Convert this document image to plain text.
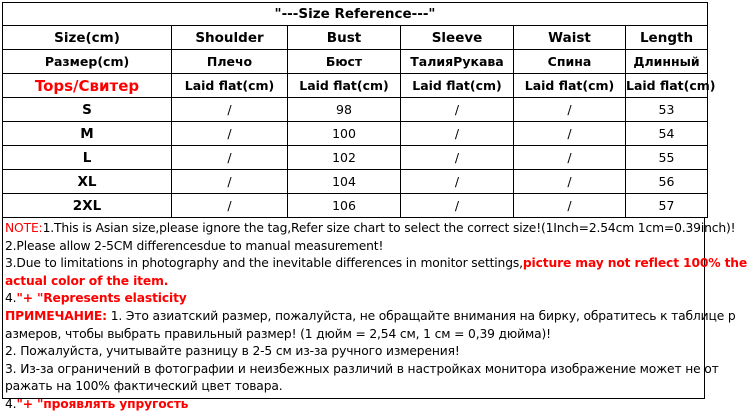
"---Size Reference---"					
Size(cm)	Shoulder	Bust	Sleeve	Waist	Length
Размер(cm)	Плечо	Бюст	ТалияРукава	Спина	Длинный
Tops/Свитер	Laid flat(cm)	Laid flat(cm)	Laid flat(cm)	Laid flat(cm)	Laid flat(cm)
S	/	98	/	/	53
M	/	100	/	/	54
L	/	102	/	/	55
XL	/	104	/	/	56
2XL	/	106	/	/	57

NOTE:1.This is Asian size,please ignore the tag,Refer size chart to select the correct size!(1Inch=2.54cm 1cm=0.39inch)!

2.Please allow 2-5CM differencesdue to manual measurement!

3.Due to limitations in photography and the inevitable differences in monitor settings,picture may not reflect 100% the

actual color of the item.

4."+ "Represents elasticity

ПРИМЕЧАНИЕ: 1. Это азиатский размер, пожалуйста, не обращайте внимания на бирку, обратитесь к таблице р

азмеров, чтобы выбрать правильный размер! (1 дюйм = 2,54 см, 1 см = 0,39 дюйма)!

2. Пожалуйста, учитывайте разницу в 2-5 см из-за ручного измерения!

3. Из-за ограничений в фотографии и неизбежных различий в настройках монитора изображение может не от

ражать на 100% фактический цвет товара.

4."+ "проявлять упругость
